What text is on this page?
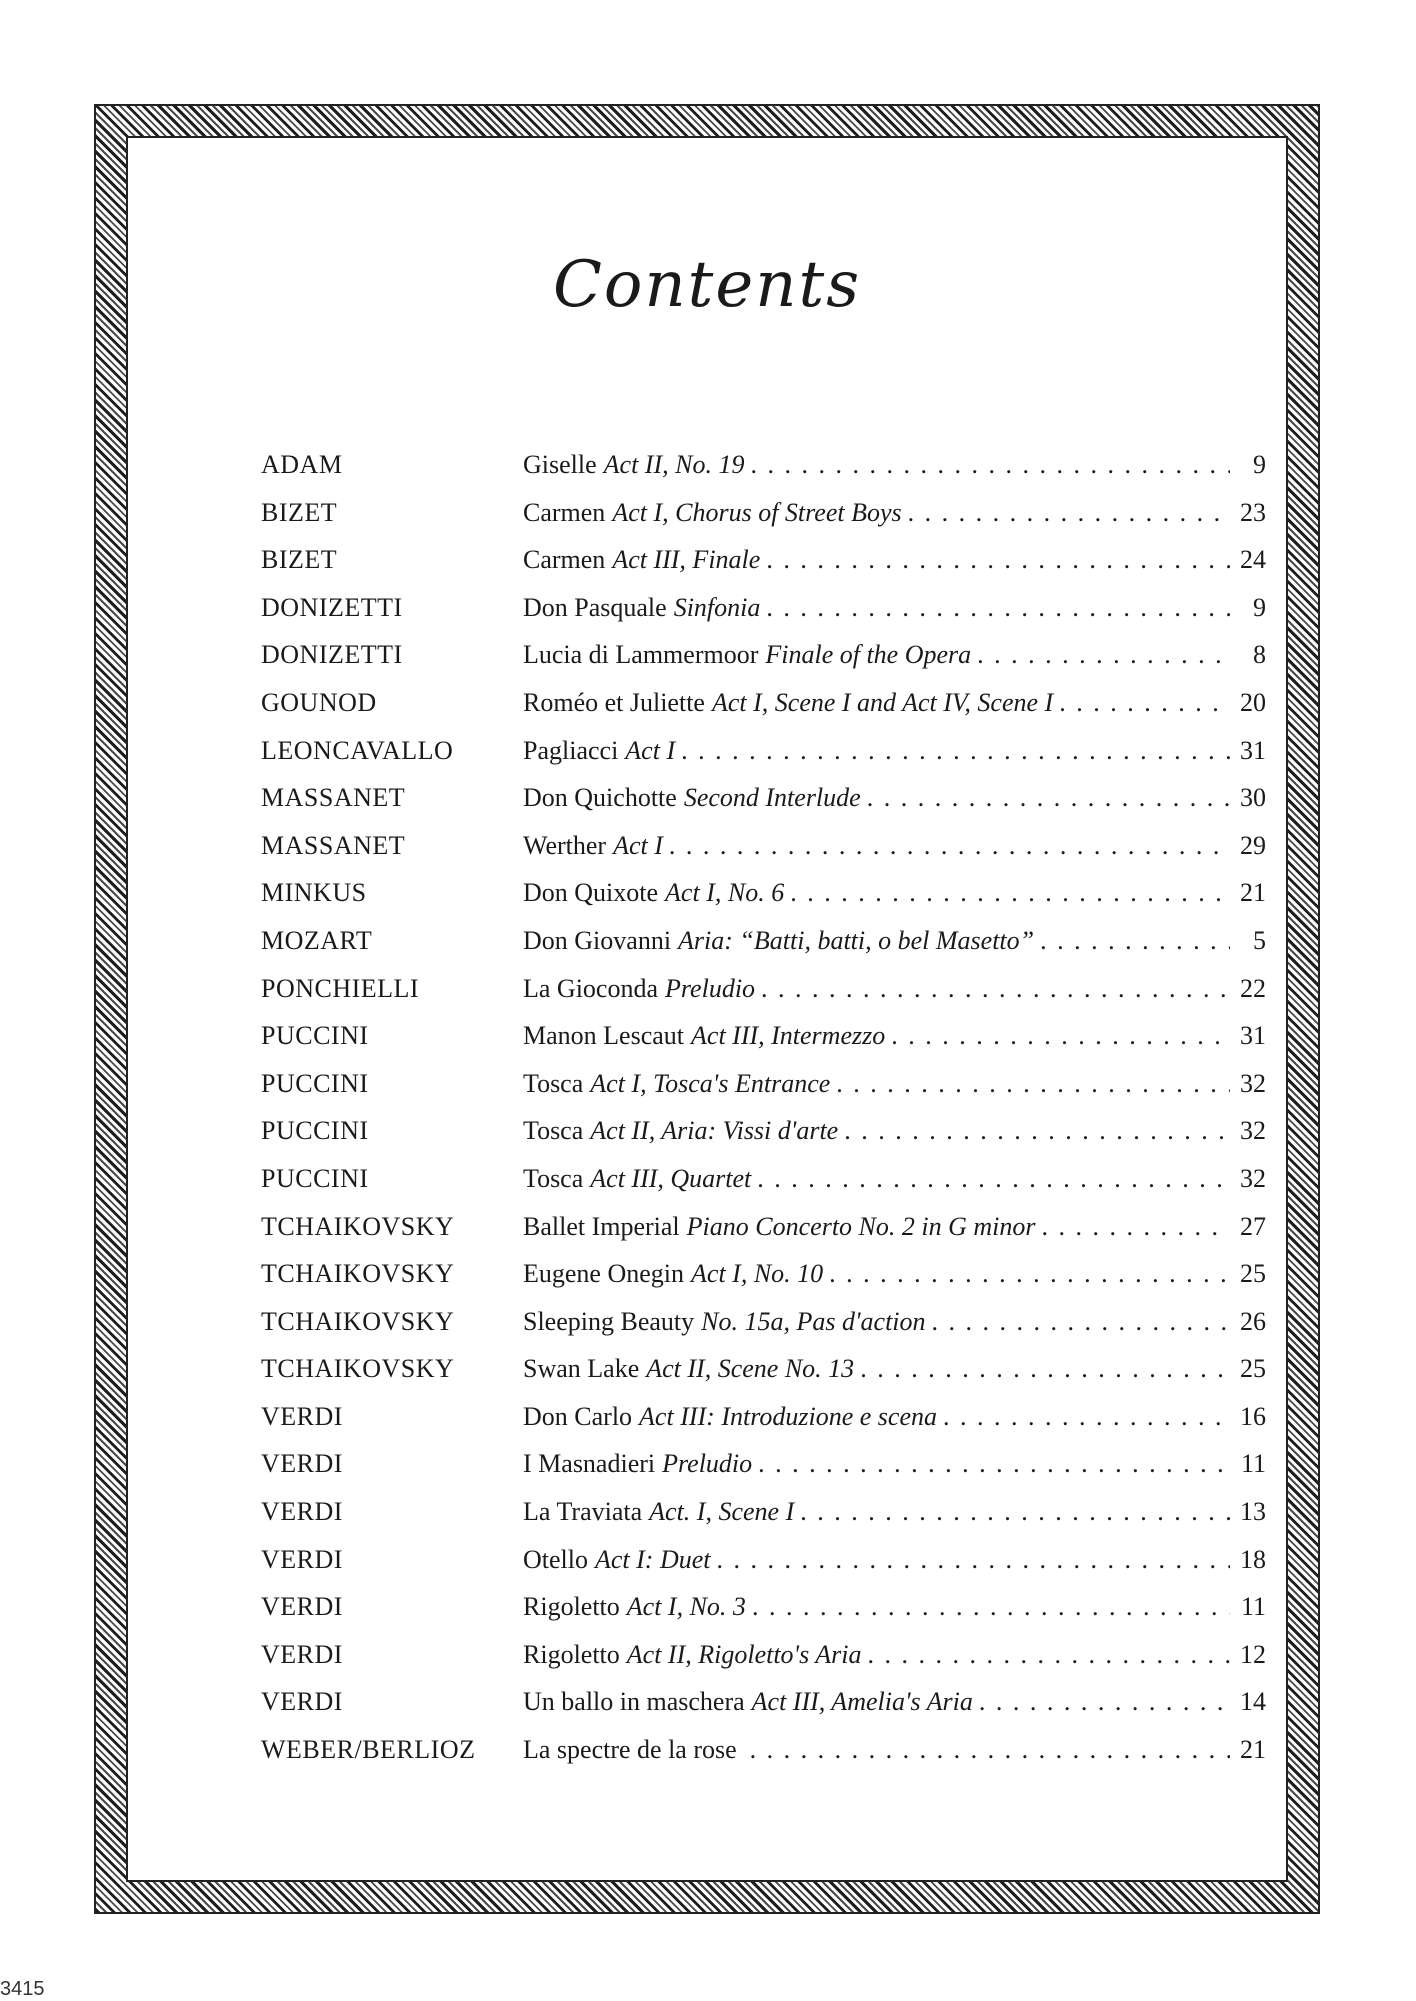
Contents
ADAM	Giselle Act II, No. 19 . . .	9
BIZET	Carmen Act I, Chorus of Street Boys . . .	23
BIZET	Carmen Act III, Finale . . .	24
DONIZETTI	Don Pasquale Sinfonia . . .	9
DONIZETTI	Lucia di Lammermoor Finale of the Opera . . .	8
GOUNOD	Roméo et Juliette Act I, Scene I and Act IV, Scene I . . .	20
LEONCAVALLO	Pagliacci Act I . . .	31
MASSANET	Don Quichotte Second Interlude . . .	30
MASSANET	Werther Act I . . .	29
MINKUS	Don Quixote Act I, No. 6 . . .	21
MOZART	Don Giovanni Aria: “Batti, batti, o bel Masetto” . . .	5
PONCHIELLI	La Gioconda Preludio . . .	22
PUCCINI	Manon Lescaut Act III, Intermezzo . . .	31
PUCCINI	Tosca Act I, Tosca's Entrance . . .	32
PUCCINI	Tosca Act II, Aria: Vissi d'arte . . .	32
PUCCINI	Tosca Act III, Quartet . . .	32
TCHAIKOVSKY	Ballet Imperial Piano Concerto No. 2 in G minor . . .	27
TCHAIKOVSKY	Eugene Onegin Act I, No. 10 . . .	25
TCHAIKOVSKY	Sleeping Beauty No. 15a, Pas d'action . . .	26
TCHAIKOVSKY	Swan Lake Act II, Scene No. 13 . . .	25
VERDI	Don Carlo Act III: Introduzione e scena . . .	16
VERDI	I Masnadieri Preludio . . .	11
VERDI	La Traviata Act. I, Scene I . . .	13
VERDI	Otello Act I: Duet . . .	18
VERDI	Rigoletto Act I, No. 3 . . .	11
VERDI	Rigoletto Act II, Rigoletto's Aria . . .	12
VERDI	Un ballo in maschera Act III, Amelia's Aria . . .	14
WEBER/BERLIOZ	La spectre de la rose . . .	21
3415
